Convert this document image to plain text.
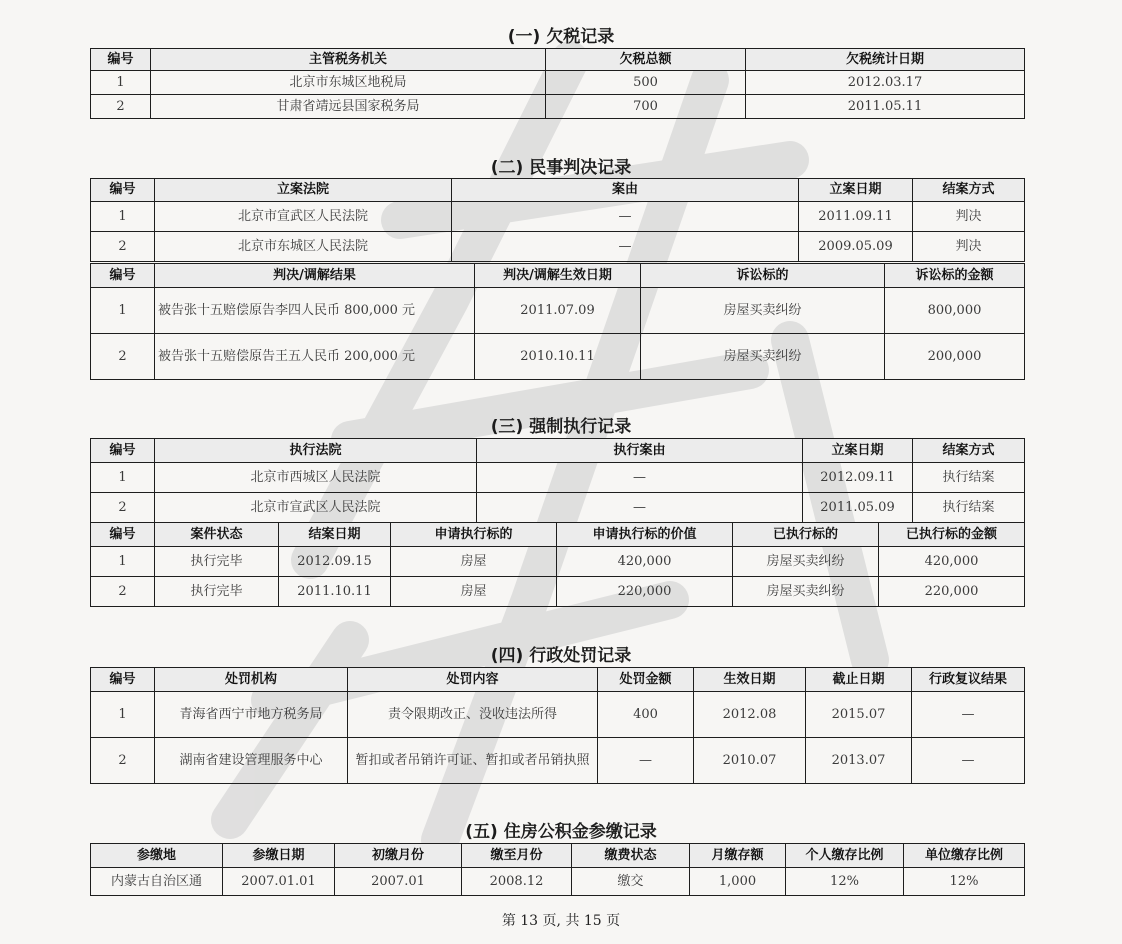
(一) 欠税记录
编号	主管税务机关	欠税总额	欠税统计日期
1	北京市东城区地税局	500	2012.03.17
2	甘肃省靖远县国家税务局	700	2011.05.11
(二) 民事判决记录
编号	立案法院	案由	立案日期	结案方式
1	北京市宣武区人民法院	—	2011.09.11	判决
2	北京市东城区人民法院	—	2009.05.09	判决
编号	判决/调解结果	判决/调解生效日期	诉讼标的	诉讼标的金额
1	被告张十五赔偿原告李四人民币 800,000 元	2011.07.09	房屋买卖纠纷	800,000
2	被告张十五赔偿原告王五人民币 200,000 元	2010.10.11	房屋买卖纠纷	200,000
(三) 强制执行记录
编号	执行法院	执行案由	立案日期	结案方式
1	北京市西城区人民法院	—	2012.09.11	执行结案
2	北京市宣武区人民法院	—	2011.05.09	执行结案
编号	案件状态	结案日期	申请执行标的	申请执行标的价值	已执行标的	已执行标的金额
1	执行完毕	2012.09.15	房屋	420,000	房屋买卖纠纷	420,000
2	执行完毕	2011.10.11	房屋	220,000	房屋买卖纠纷	220,000
(四) 行政处罚记录
编号	处罚机构	处罚内容	处罚金额	生效日期	截止日期	行政复议结果
1	青海省西宁市地方税务局	责令限期改正、没收违法所得	400	2012.08	2015.07	—
2	湖南省建设管理服务中心	暂扣或者吊销许可证、暂扣或者吊销执照	—	2010.07	2013.07	—
(五) 住房公积金参缴记录
参缴地	参缴日期	初缴月份	缴至月份	缴费状态	月缴存额	个人缴存比例	单位缴存比例
内蒙古自治区通	2007.01.01	2007.01	2008.12	缴交	1,000	12%	12%
第 13 页, 共 15 页
